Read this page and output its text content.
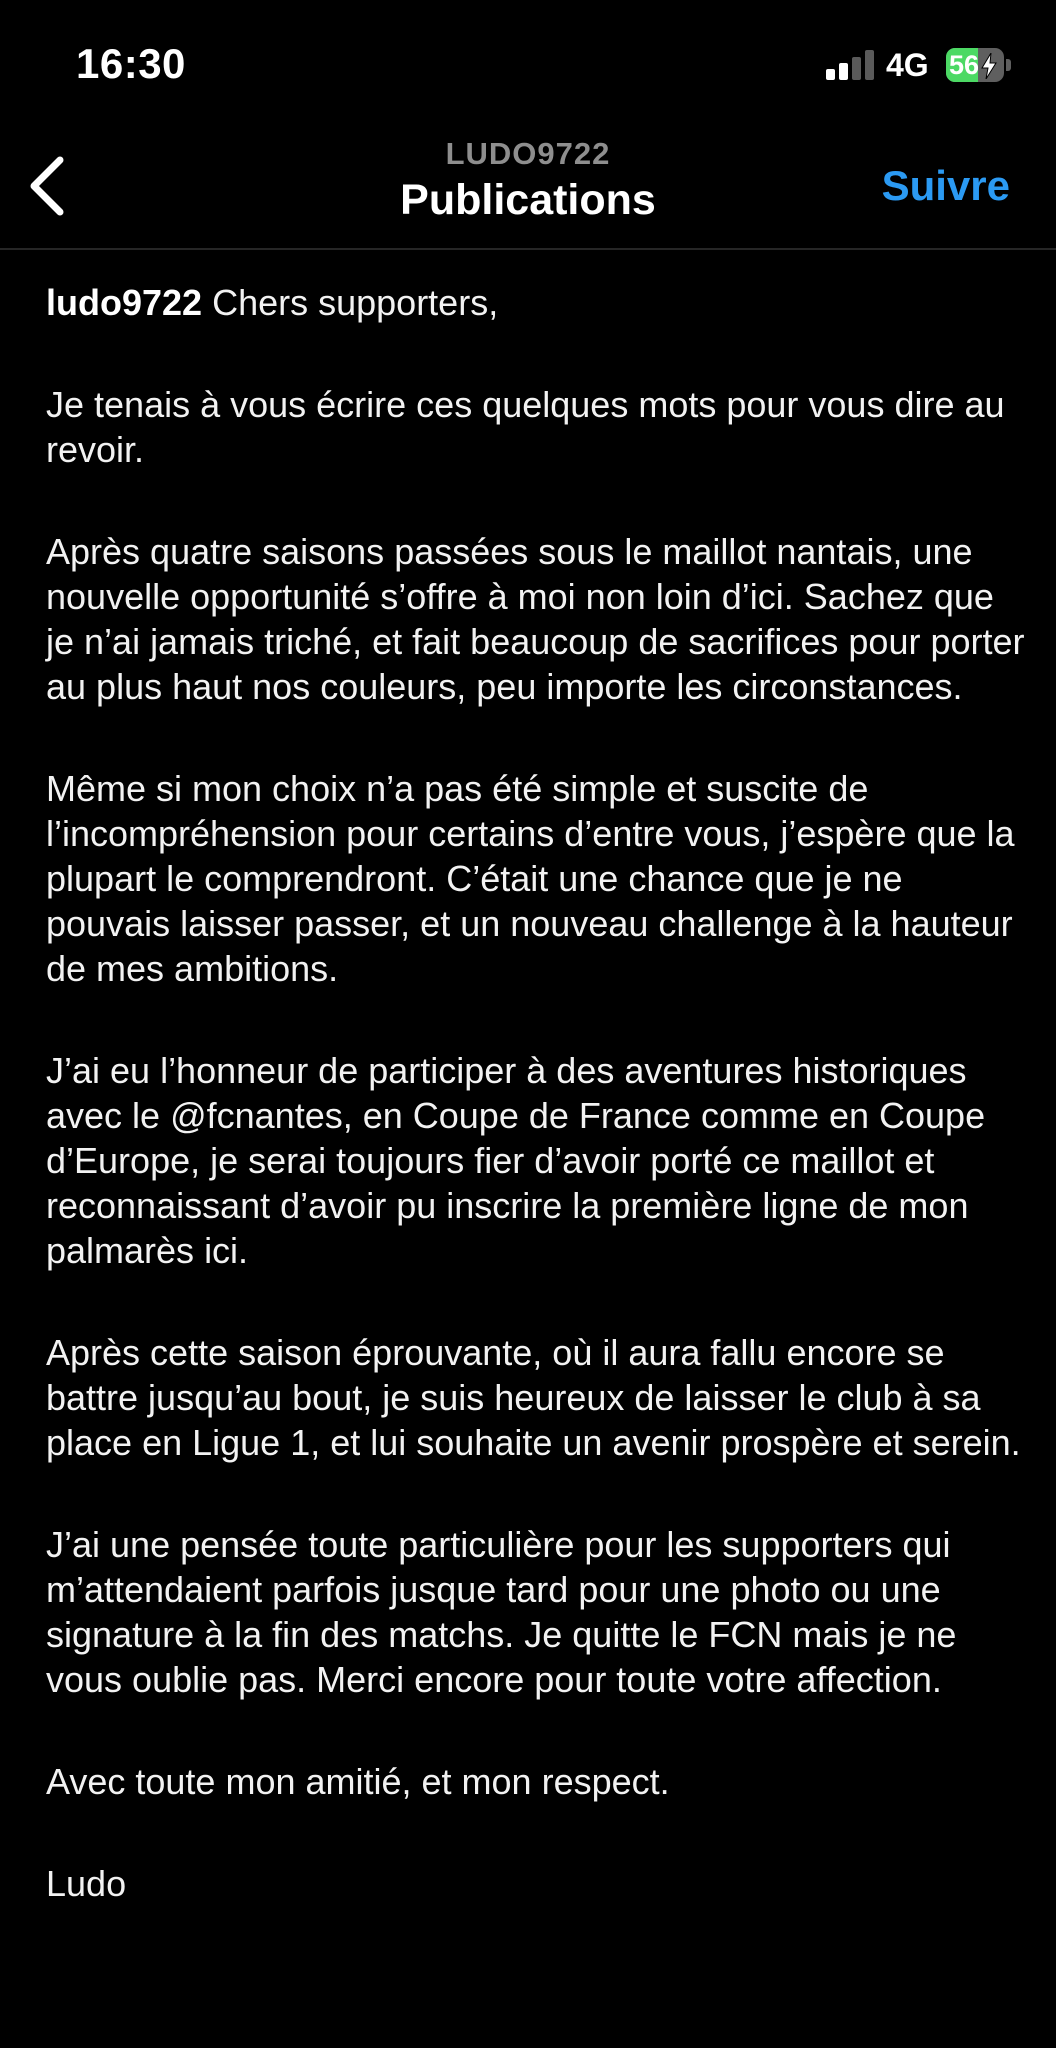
16:30	4G 56
LUDO9722
Publications	Suivre

ludo9722 Chers supporters,

Je tenais à vous écrire ces quelques mots pour vous dire au revoir.

Après quatre saisons passées sous le maillot nantais, une nouvelle opportunité s’offre à moi non loin d’ici. Sachez que je n’ai jamais triché, et fait beaucoup de sacrifices pour porter au plus haut nos couleurs, peu importe les circonstances.

Même si mon choix n’a pas été simple et suscite de l’incompréhension pour certains d’entre vous, j’espère que la plupart le comprendront. C’était une chance que je ne pouvais laisser passer, et un nouveau challenge à la hauteur de mes ambitions.

J’ai eu l’honneur de participer à des aventures historiques avec le @fcnantes, en Coupe de France comme en Coupe d’Europe, je serai toujours fier d’avoir porté ce maillot et reconnaissant d’avoir pu inscrire la première ligne de mon palmarès ici.

Après cette saison éprouvante, où il aura fallu encore se battre jusqu’au bout, je suis heureux de laisser le club à sa place en Ligue 1, et lui souhaite un avenir prospère et serein.

J’ai une pensée toute particulière pour les supporters qui m’attendaient parfois jusque tard pour une photo ou une signature à la fin des matchs. Je quitte le FCN mais je ne vous oublie pas. Merci encore pour toute votre affection.

Avec toute mon amitié, et mon respect.

Ludo
